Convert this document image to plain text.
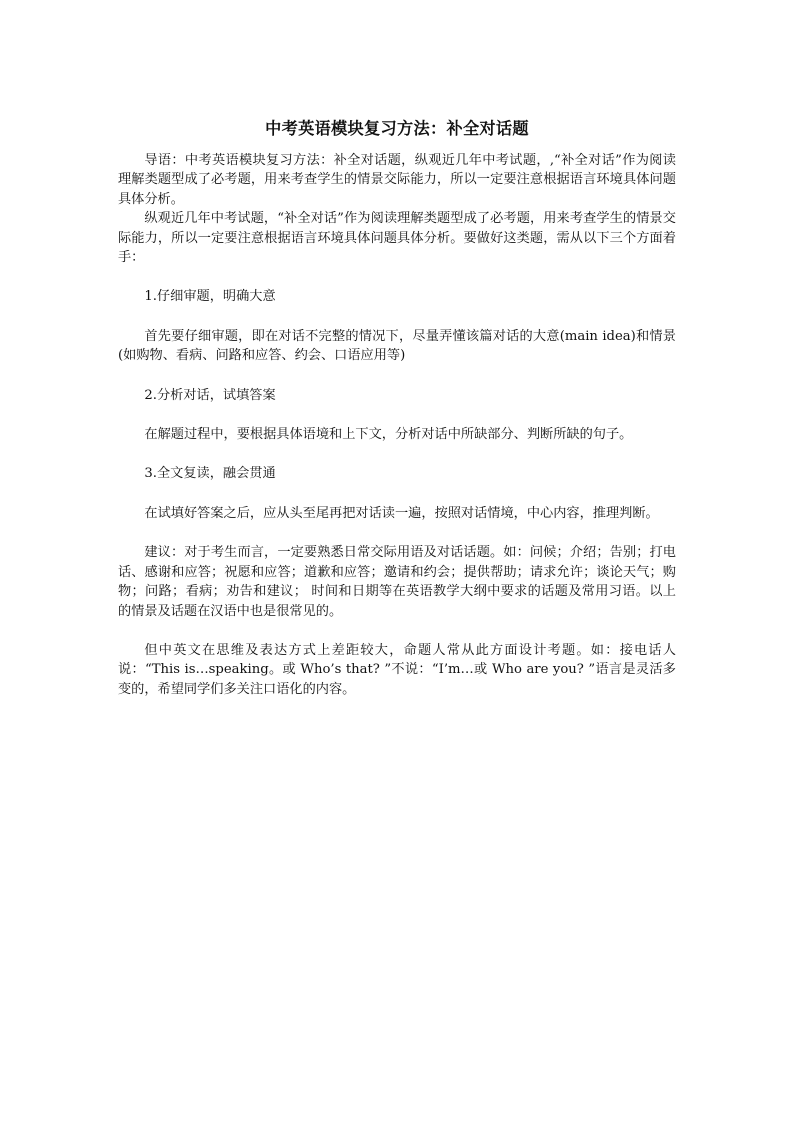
中考英语模块复习方法：补全对话题

导语：中考英语模块复习方法：补全对话题，纵观近几年中考试题，,“补全对话”作为阅读理解类题型成了必考题，用来考查学生的情景交际能力，所以一定要注意根据语言环境具体问题具体分析。

纵观近几年中考试题，“补全对话”作为阅读理解类题型成了必考题，用来考查学生的情景交际能力，所以一定要注意根据语言环境具体问题具体分析。要做好这类题，需从以下三个方面着手：

1.仔细审题，明确大意

首先要仔细审题，即在对话不完整的情况下，尽量弄懂该篇对话的大意(main idea)和情景(如购物、看病、问路和应答、约会、口语应用等)

2.分析对话，试填答案

在解题过程中，要根据具体语境和上下文，分析对话中所缺部分、判断所缺的句子。

3.全文复读，融会贯通

在试填好答案之后，应从头至尾再把对话读一遍，按照对话情境，中心内容，推理判断。

建议：对于考生而言，一定要熟悉日常交际用语及对话话题。如：问候；介绍；告别；打电话、感谢和应答；祝愿和应答；道歉和应答；邀请和约会；提供帮助；请求允许；谈论天气；购物；问路；看病；劝告和建议； 时间和日期等在英语教学大纲中要求的话题及常用习语。以上的情景及话题在汉语中也是很常见的。

但中英文在思维及表达方式上差距较大，命题人常从此方面设计考题。如：接电话人说：“This is…speaking。或 Who’s that? ”不说：“I’m…或 Who are you? ”语言是灵活多变的，希望同学们多关注口语化的内容。
